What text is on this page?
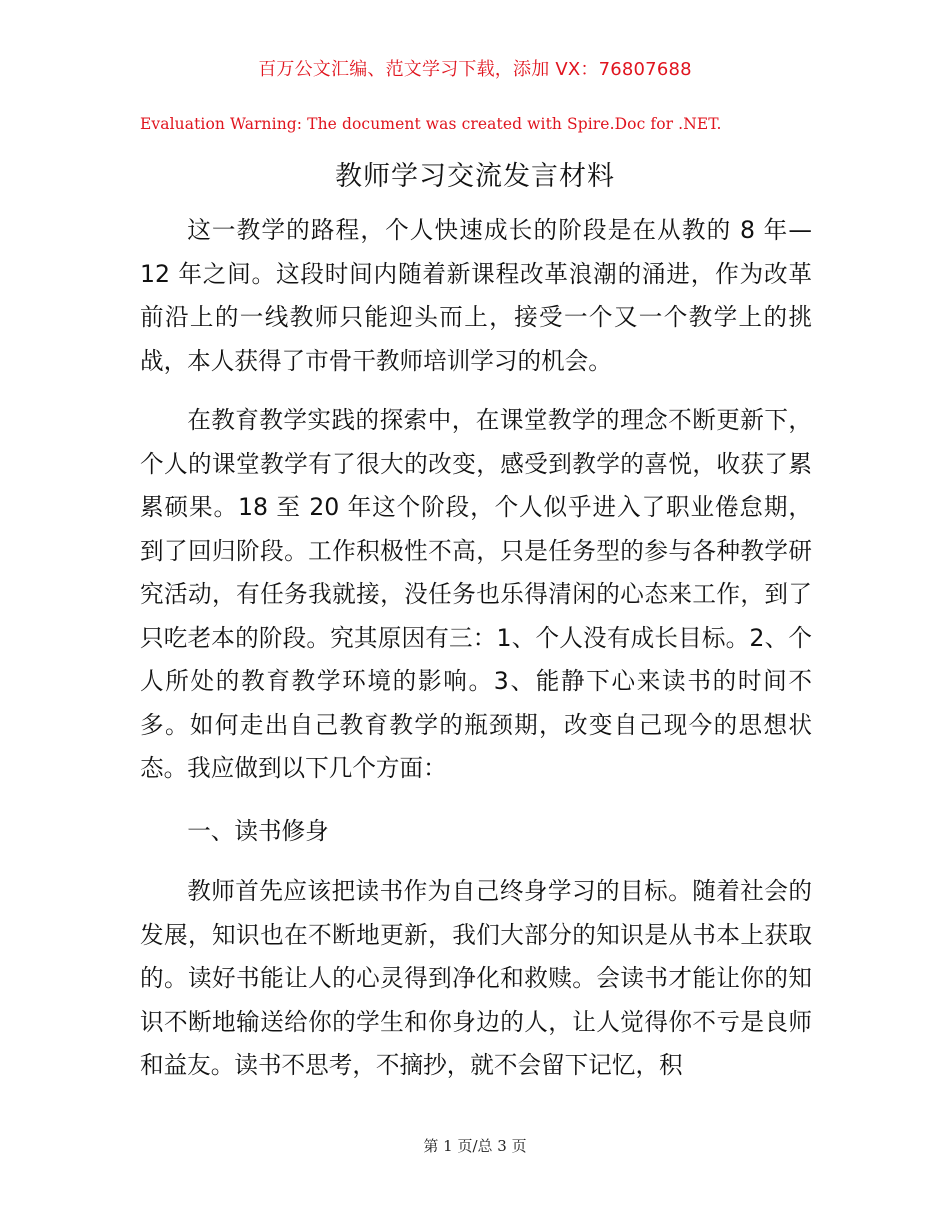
百万公文汇编、范文学习下载，添加 VX：76807688
Evaluation Warning: The document was created with Spire.Doc for .NET.
教师学习交流发言材料

这一教学的路程，个人快速成长的阶段是在从教的 8 年—12 年之间。这段时间内随着新课程改革浪潮的涌进，作为改革前沿上的一线教师只能迎头而上，接受一个又一个教学上的挑战，本人获得了市骨干教师培训学习的机会。

在教育教学实践的探索中，在课堂教学的理念不断更新下，个人的课堂教学有了很大的改变，感受到教学的喜悦，收获了累累硕果。18 至 20 年这个阶段，个人似乎进入了职业倦怠期，到了回归阶段。工作积极性不高，只是任务型的参与各种教学研究活动，有任务我就接，没任务也乐得清闲的心态来工作，到了只吃老本的阶段。究其原因有三：1、个人没有成长目标。2、个人所处的教育教学环境的影响。3、能静下心来读书的时间不多。如何走出自己教育教学的瓶颈期，改变自己现今的思想状态。我应做到以下几个方面：

一、读书修身

教师首先应该把读书作为自己终身学习的目标。随着社会的发展，知识也在不断地更新，我们大部分的知识是从书本上获取的。读好书能让人的心灵得到净化和救赎。会读书才能让你的知识不断地输送给你的学生和你身边的人，让人觉得你不亏是良师和益友。读书不思考，不摘抄，就不会留下记忆，积

第 1 页/总 3 页
